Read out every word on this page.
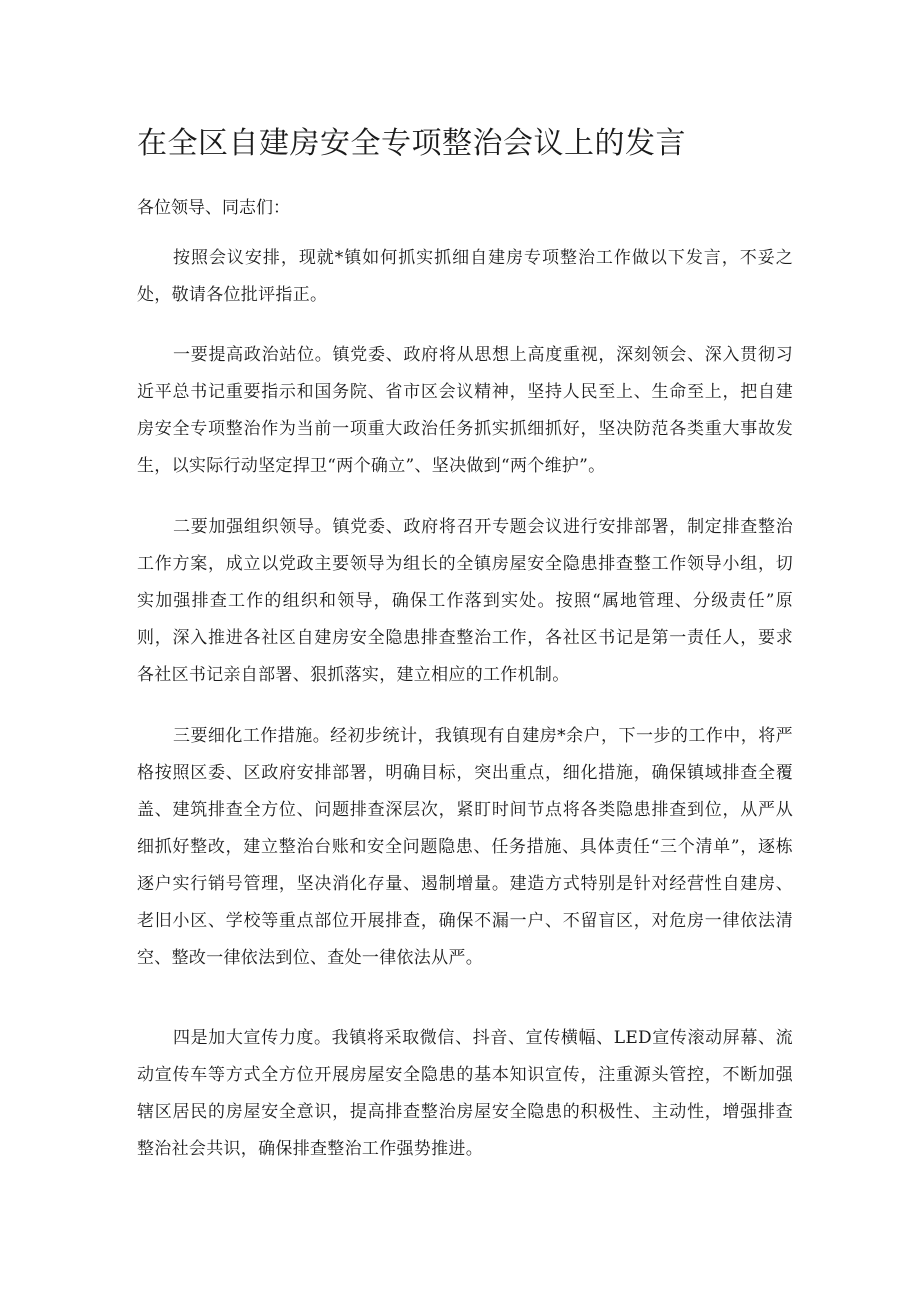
在全区自建房安全专项整治会议上的发言

各位领导、同志们：

按照会议安排，现就*镇如何抓实抓细自建房专项整治工作做以下发言，不妥之处，敬请各位批评指正。

一要提高政治站位。镇党委、政府将从思想上高度重视，深刻领会、深入贯彻习近平总书记重要指示和国务院、省市区会议精神，坚持人民至上、生命至上，把自建房安全专项整治作为当前一项重大政治任务抓实抓细抓好，坚决防范各类重大事故发生，以实际行动坚定捍卫“两个确立”、坚决做到“两个维护”。

二要加强组织领导。镇党委、政府将召开专题会议进行安排部署，制定排查整治工作方案，成立以党政主要领导为组长的全镇房屋安全隐患排查整工作领导小组，切实加强排查工作的组织和领导，确保工作落到实处。按照“属地管理、分级责任”原则，深入推进各社区自建房安全隐患排查整治工作，各社区书记是第一责任人，要求各社区书记亲自部署、狠抓落实，建立相应的工作机制。

三要细化工作措施。经初步统计，我镇现有自建房*余户，下一步的工作中，将严格按照区委、区政府安排部署，明确目标，突出重点，细化措施，确保镇域排查全覆盖、建筑排查全方位、问题排查深层次，紧盯时间节点将各类隐患排查到位，从严从细抓好整改，建立整治台账和安全问题隐患、任务措施、具体责任“三个清单”，逐栋逐户实行销号管理，坚决消化存量、遏制增量。建造方式特别是针对经营性自建房、老旧小区、学校等重点部位开展排查，确保不漏一户、不留盲区，对危房一律依法清空、整改一律依法到位、查处一律依法从严。

四是加大宣传力度。我镇将采取微信、抖音、宣传横幅、LED宣传滚动屏幕、流动宣传车等方式全方位开展房屋安全隐患的基本知识宣传，注重源头管控，不断加强辖区居民的房屋安全意识，提高排查整治房屋安全隐患的积极性、主动性，增强排查整治社会共识，确保排查整治工作强势推进。
